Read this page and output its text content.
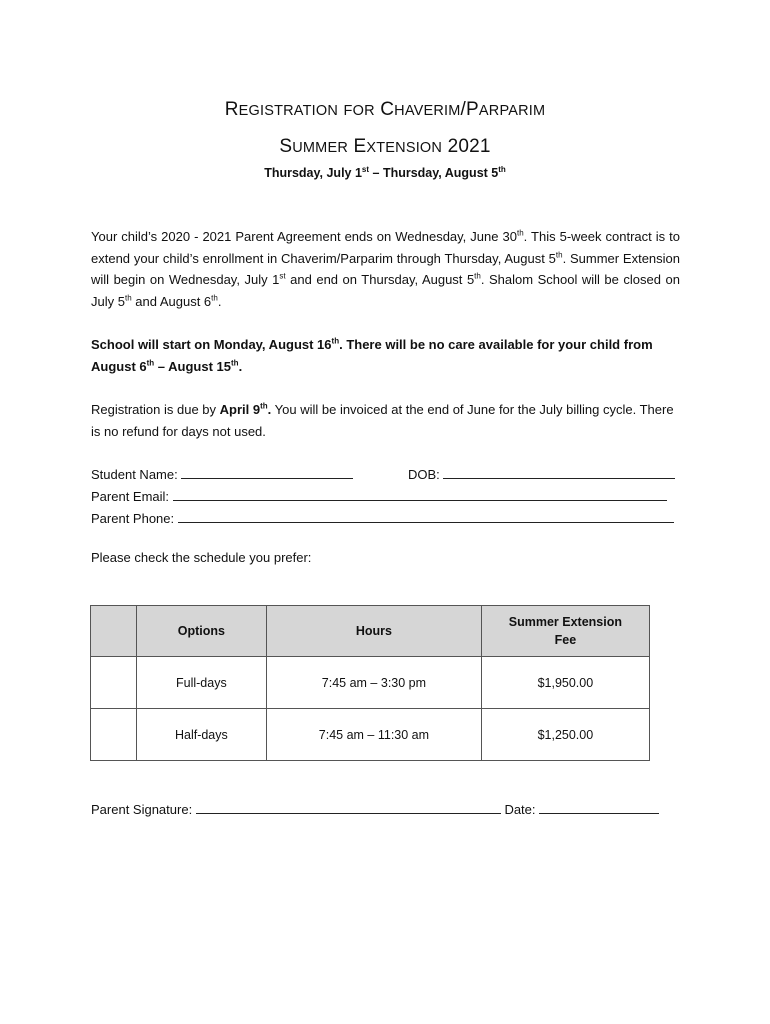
REGISTRATION FOR CHAVERIM/PARPARIM
SUMMER EXTENSION 2021
Thursday, July 1st – Thursday, August 5th
Your child’s 2020 - 2021 Parent Agreement ends on Wednesday, June 30th. This 5-week contract is to extend your child’s enrollment in Chaverim/Parparim through Thursday, August 5th. Summer Extension will begin on Wednesday, July 1st and end on Thursday, August 5th. Shalom School will be closed on July 5th and August 6th.
School will start on Monday, August 16th. There will be no care available for your child from August 6th – August 15th.
Registration is due by April 9th. You will be invoiced at the end of June for the July billing cycle. There is no refund for days not used.
Student Name:	DOB:
Parent Email:
Parent Phone:
Please check the schedule you prefer:
	Options	Hours	Summer Extension
Fee
	Full-days	7:45 am – 3:30 pm	$1,950.00
	Half-days	7:45 am – 11:30 am	$1,250.00
Parent Signature:	Date:
